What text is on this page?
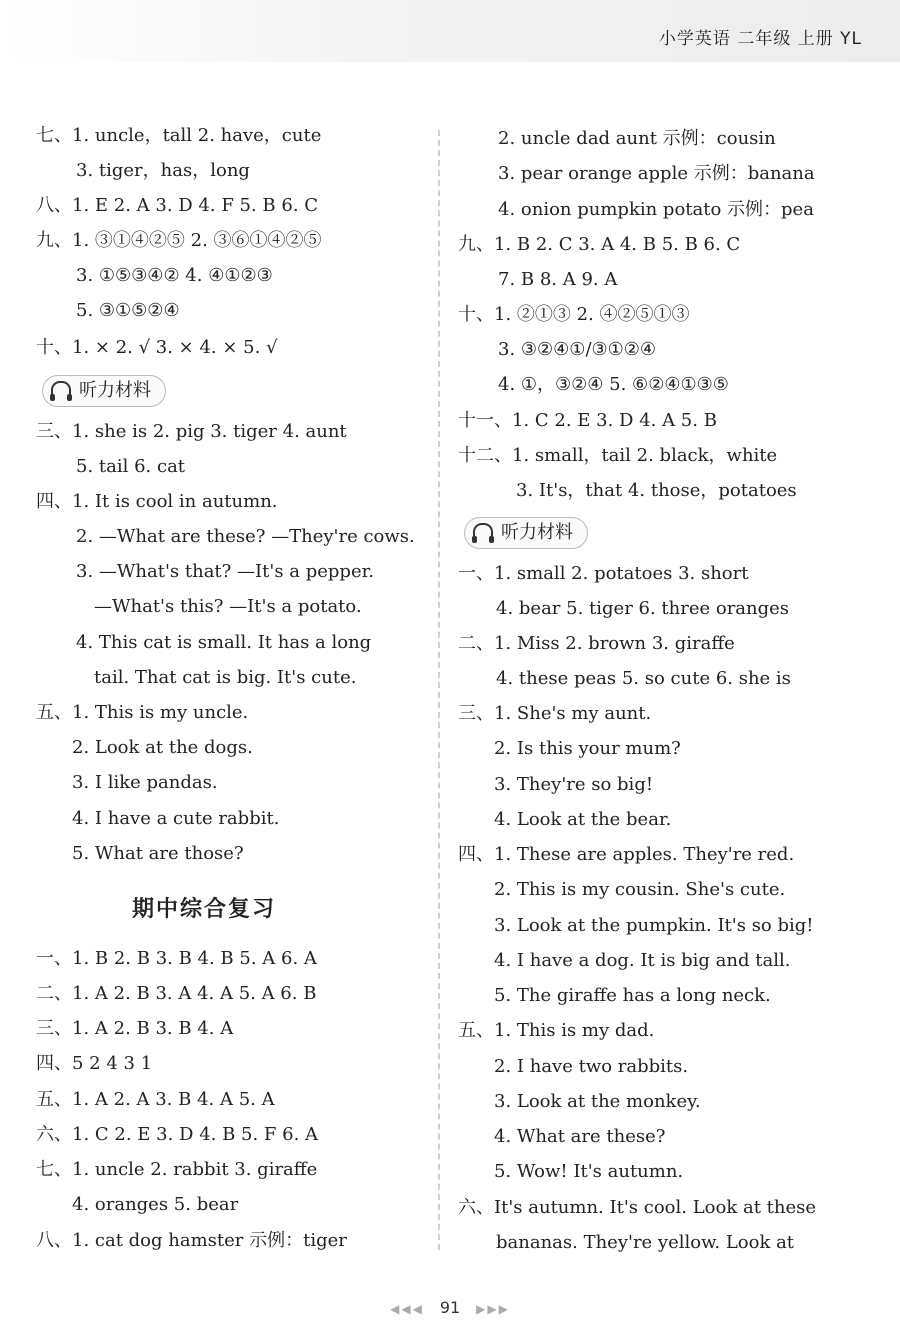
小学英语 二年级 上册 YL
七、1. uncle，tall 2. have，cute
3. tiger，has，long
八、1. E 2. A 3. D 4. F 5. B 6. C
九、1. ③①④②⑤ 2. ③⑥①④②⑤
3. ①⑤③④② 4. ④①②③
5. ③①⑤②④
十、1. × 2. √ 3. × 4. × 5. √
听力材料
三、1. she is 2. pig 3. tiger 4. aunt
5. tail 6. cat
四、1. It is cool in autumn.
2. —What are these? —They're cows.
3. —What's that? —It's a pepper.
—What's this? —It's a potato.
4. This cat is small. It has a long
tail. That cat is big. It's cute.
五、1. This is my uncle.
2. Look at the dogs.
3. I like pandas.
4. I have a cute rabbit.
5. What are those?
期中综合复习
一、1. B 2. B 3. B 4. B 5. A 6. A
二、1. A 2. B 3. A 4. A 5. A 6. B
三、1. A 2. B 3. B 4. A
四、5 2 4 3 1
五、1. A 2. A 3. B 4. A 5. A
六、1. C 2. E 3. D 4. B 5. F 6. A
七、1. uncle 2. rabbit 3. giraffe
4. oranges 5. bear
八、1. cat dog hamster 示例：tiger
2. uncle dad aunt 示例：cousin
3. pear orange apple 示例：banana
4. onion pumpkin potato 示例：pea
九、1. B 2. C 3. A 4. B 5. B 6. C
7. B 8. A 9. A
十、1. ②①③ 2. ④②⑤①③
3. ③②④①/③①②④
4. ①，③②④ 5. ⑥②④①③⑤
十一、1. C 2. E 3. D 4. A 5. B
十二、1. small，tail 2. black，white
3. It's，that 4. those，potatoes
听力材料
一、1. small 2. potatoes 3. short
4. bear 5. tiger 6. three oranges
二、1. Miss 2. brown 3. giraffe
4. these peas 5. so cute 6. she is
三、1. She's my aunt.
2. Is this your mum?
3. They're so big!
4. Look at the bear.
四、1. These are apples. They're red.
2. This is my cousin. She's cute.
3. Look at the pumpkin. It's so big!
4. I have a dog. It is big and tall.
5. The giraffe has a long neck.
五、1. This is my dad.
2. I have two rabbits.
3. Look at the monkey.
4. What are these?
5. Wow! It's autumn.
六、It's autumn. It's cool. Look at these
bananas. They're yellow. Look at
◀◀◀ 91 ▶▶▶
